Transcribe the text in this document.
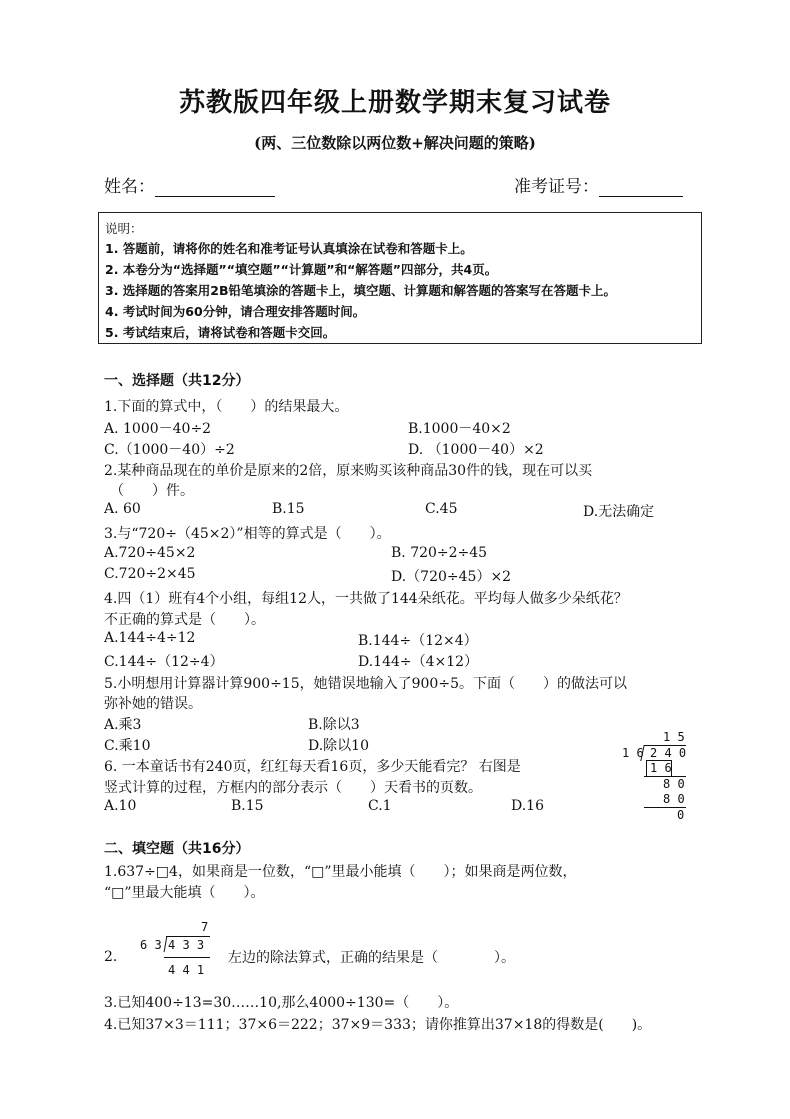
苏教版四年级上册数学期末复习试卷
(两、三位数除以两位数+解决问题的策略)
姓名：	准考证号：
说明：
1. 答题前，请将你的姓名和准考证号认真填涂在试卷和答题卡上。
2. 本卷分为“选择题”“填空题”“计算题”和“解答题”四部分，共4页。
3. 选择题的答案用2B铅笔填涂的答题卡上，填空题、计算题和解答题的答案写在答题卡上。
4. 考试时间为60分钟，请合理安排答题时间。
5. 考试结束后，请将试卷和答题卡交回。
一、选择题（共12分）
1.下面的算式中，（　　）的结果最大。
A. 1000－40÷2	B.1000－40×2
C.（1000－40）÷2	D. （1000－40）×2
2.某种商品现在的单价是原来的2倍，原来购买该种商品30件的钱，现在可以买
（　　）件。
A. 60	B.15	C.45	D.无法确定
3.与“720÷（45×2）”相等的算式是（　　）。
A.720÷45×2	B. 720÷2÷45
C.720÷2×45	D.（720÷45）×2
4.四（1）班有4个小组，每组12人，一共做了144朵纸花。平均每人做多少朵纸花？
不正确的算式是（　　）。
A.144÷4÷12	B.144÷（12×4）
C.144÷（12÷4）	D.144÷（4×12）
5.小明想用计算器计算900÷15，她错误地输入了900÷5。下面（　　）的做法可以
弥补她的错误。
A.乘3	B.除以3
C.乘10	D.除以10
6. 一本童话书有240页，红红每天看16页，多少天能看完？ 右图是
竖式计算的过程，方框内的部分表示（　　）天看书的页数。
A.10	B.15	C.1	D.16
1 5
1 6 2 4 0
1 6
8 0
8 0
0
二、填空题（共16分）
1.637÷□4，如果商是一位数，“□”里最小能填（　　）；如果商是两位数，
“□”里最大能填（　　）。
2.
7
6 3 4 3 3
4 4 1
左边的除法算式，正确的结果是（　　　　）。
3.已知400÷13=30……10,那么4000÷130=（　　）。
4.已知37×3＝111；37×6＝222；37×9＝333；请你推算出37×18的得数是(　　)。
